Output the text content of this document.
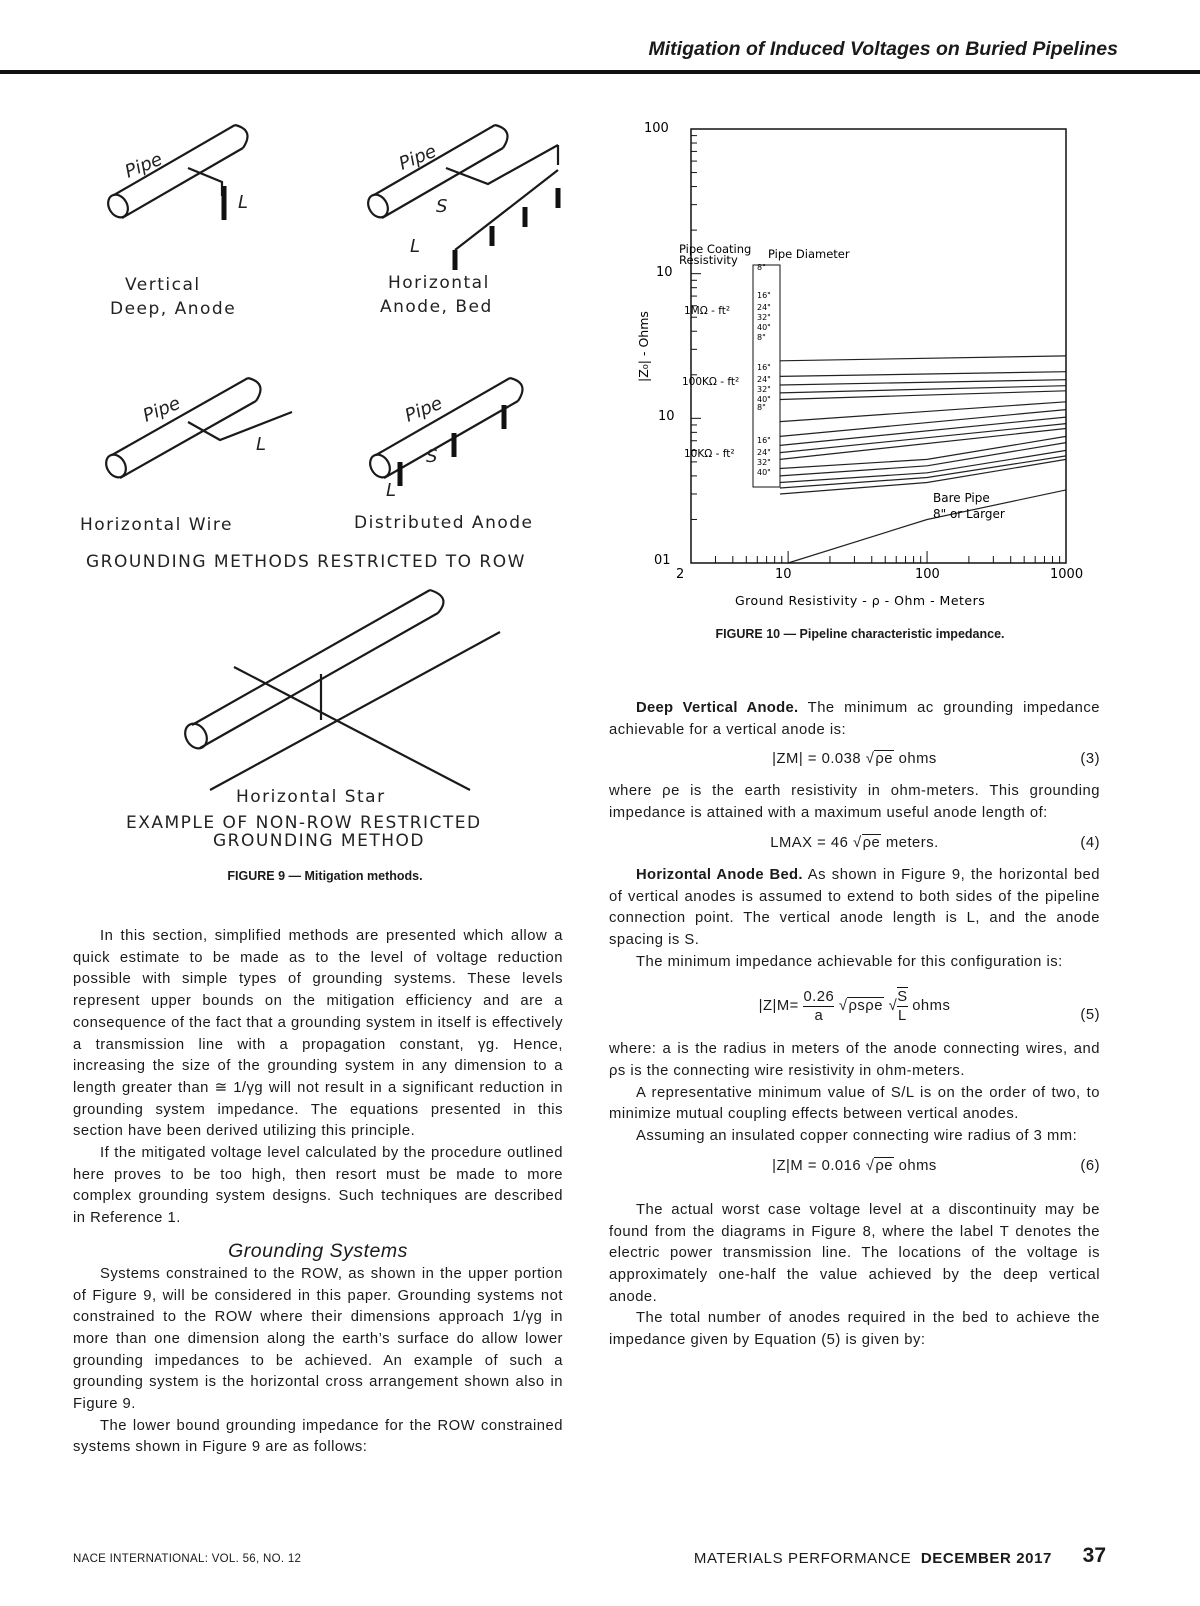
Mitigation of Induced Voltages on Buried Pipelines
Pipe
L
Vertical
Deep, Anode
Pipe
S
L
Horizontal
Anode, Bed
Pipe
L
Horizontal Wire
Pipe
S
L
Distributed Anode
GROUNDING METHODS RESTRICTED TO ROW
Horizontal Star
EXAMPLE OF NON-ROW RESTRICTED
GROUNDING METHOD
FIGURE 9 — Mitigation methods.
100
10
10
01
2	10	100	1000
Ground Resistivity - ρ - Ohm - Meters
|Z₀| - Ohms
Pipe Coating
Resistivity	Pipe Diameter
1MΩ - ft²
100KΩ - ft²
10KΩ - ft²
Bare Pipe
8" or Larger
8"
16"
24"
32"
40"
8"
16"
24"
32"
40"
8"
16"
24"
32"
40"
FIGURE 10 — Pipeline characteristic impedance.

In this section, simplified methods are presented which allow a quick estimate to be made as to the level of voltage reduction possible with simple types of grounding systems. These levels represent upper bounds on the mitigation efficiency and are a consequence of the fact that a grounding system in itself is effectively a transmission line with a propagation constant, γg. Hence, increasing the size of the grounding system in any dimension to a length greater than ≅ 1/γg will not result in a significant reduction in grounding system impedance. The equations presented in this section have been derived utilizing this principle.

If the mitigated voltage level calculated by the procedure outlined here proves to be too high, then resort must be made to more complex grounding system designs. Such techniques are described in Reference 1.

Grounding Systems

Systems constrained to the ROW, as shown in the upper portion of Figure 9, will be considered in this paper. Grounding systems not constrained to the ROW where their dimensions approach 1/γg in more than one dimension along the earth’s surface do allow lower grounding impedances to be achieved. An example of such a grounding system is the horizontal cross arrangement shown also in Figure 9.

The lower bound grounding impedance for the ROW constrained systems shown in Figure 9 are as follows:

Deep Vertical Anode. The minimum ac grounding impedance achievable for a vertical anode is:

|ZM| = 0.038 √ρe ohms	(3)

where ρe is the earth resistivity in ohm-meters. This grounding impedance is attained with a maximum useful anode length of:

LMAX = 46 √ρe meters.	(4)

Horizontal Anode Bed. As shown in Figure 9, the horizontal bed of vertical anodes is assumed to extend to both sides of the pipeline connection point. The vertical anode length is L, and the anode spacing is S.

The minimum impedance achievable for this configuration is:

$|Z|M= \frac{0.26}{a} √\rho s\rho e$ √ $\frac{S}{L}$ ohms
(5)

where: a is the radius in meters of the anode connecting wires, and ρs is the connecting wire resistivity in ohm-meters.

A representative minimum value of S/L is on the order of two, to minimize mutual coupling effects between vertical anodes.

Assuming an insulated copper connecting wire radius of 3 mm:

|Z|M = 0.016 √ρe ohms	(6)

The actual worst case voltage level at a discontinuity may be found from the diagrams in Figure 8, where the label T denotes the electric power transmission line. The locations of the voltage is approximately one-half the value achieved by the deep vertical anode.

The total number of anodes required in the bed to achieve the impedance given by Equation (5) is given by:

NACE INTERNATIONAL: VOL. 56, NO. 12	MATERIALS PERFORMANCE DECEMBER 2017 37
